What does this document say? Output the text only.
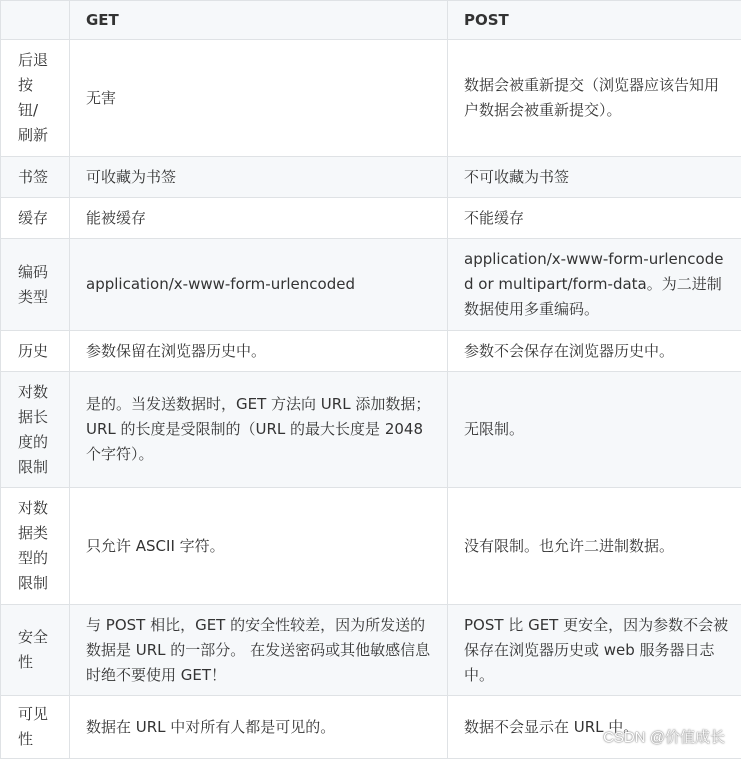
	GET	POST
后退按钮/刷新	无害	数据会被重新提交（浏览器应该告知用户数据会被重新提交）。
书签	可收藏为书签	不可收藏为书签
缓存	能被缓存	不能缓存
编码类型	application/x-www-form-urlencoded	application/x-www-form-urlencoded or multipart/form-data。为二进制数据使用多重编码。
历史	参数保留在浏览器历史中。	参数不会保存在浏览器历史中。
对数据长度的限制	是的。当发送数据时，GET 方法向 URL 添加数据；URL 的长度是受限制的（URL 的最大长度是 2048 个字符）。	无限制。
对数据类型的限制	只允许 ASCII 字符。	没有限制。也允许二进制数据。
安全性	与 POST 相比，GET 的安全性较差，因为所发送的数据是 URL 的一部分。 在发送密码或其他敏感信息时绝不要使用 GET！	POST 比 GET 更安全，因为参数不会被保存在浏览器历史或 web 服务器日志中。
可见性	数据在 URL 中对所有人都是可见的。	数据不会显示在 URL 中。
CSDN @价值成长
